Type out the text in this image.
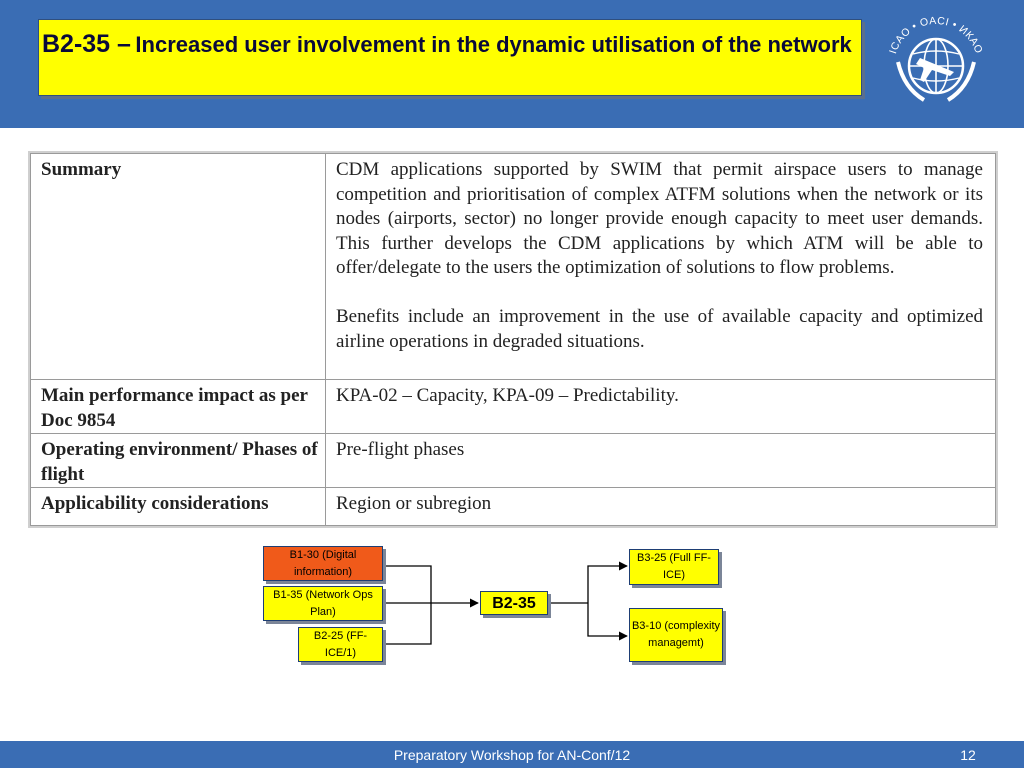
B2-35 – Increased user involvement in the dynamic utilisation of the network	ICAO • OACI • ИКАО
Summary	CDM applications supported by SWIM that permit airspace users to manage competition and prioritisation of complex ATFM solutions when the network or its nodes (airports, sector) no longer provide enough capacity to meet user demands. This further develops the CDM applications by which ATM will be able to offer/delegate to the users the optimization of solutions to flow problems.

Benefits include an improvement in the use of available capacity and optimized airline operations in degraded situations.

Main performance impact as per Doc 9854	KPA-02 – Capacity, KPA-09 – Predictability.

Operating environment/ Phases of flight	Pre-flight phases

Applicability considerations	Region or subregion

B1-30 (Digital information)
B1-35 (Network Ops Plan)
B2-25 (FF-ICE/1)
B2-35
B3-25 (Full FF-ICE)
B3-10 (complexity managemt)
Preparatory Workshop for AN-Conf/12	12
